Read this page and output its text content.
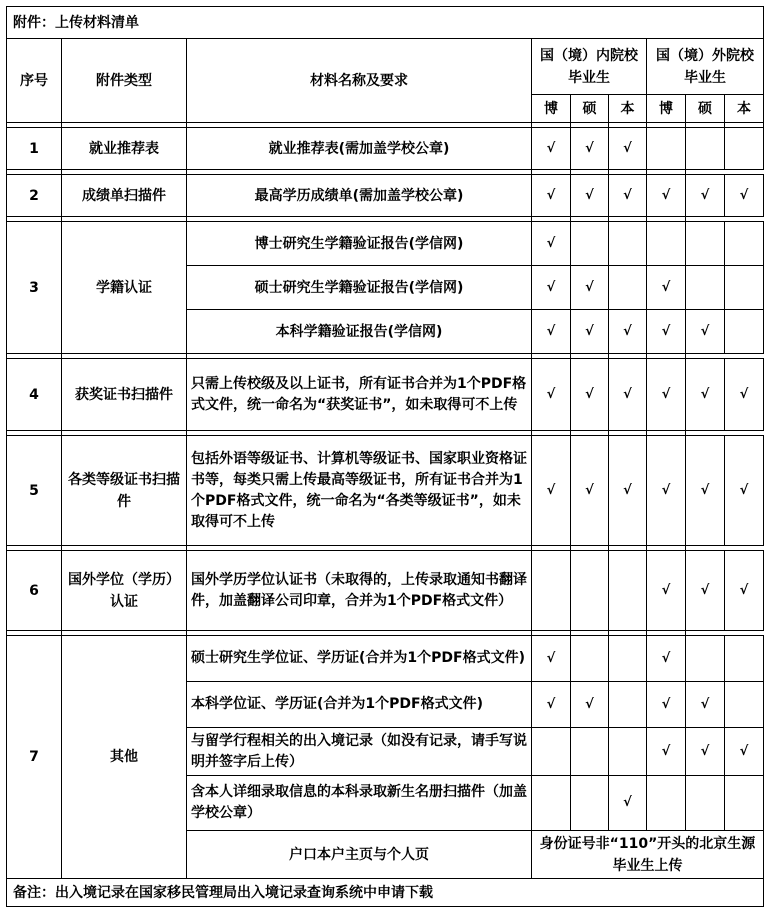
附件：上传材料清单								
序号	附件类型	材料名称及要求	国（境）内院校毕业生			国（境）外院校毕业生		
			博	硕	本	博	硕	本

1	就业推荐表	就业推荐表(需加盖学校公章)	√	√	√			

2	成绩单扫描件	最高学历成绩单(需加盖学校公章)	√	√	√	√	√	√

3	学籍认证	博士研究生学籍验证报告(学信网)	√					
		硕士研究生学籍验证报告(学信网)	√	√		√		
		本科学籍验证报告(学信网)	√	√	√	√	√	

4	获奖证书扫描件	只需上传校级及以上证书，所有证书合并为1个PDF格式文件，统一命名为“获奖证书”，如未取得可不上传	√	√	√	√	√	√

5	各类等级证书扫描件	包括外语等级证书、计算机等级证书、国家职业资格证书等，每类只需上传最高等级证书，所有证书合并为1个PDF格式文件，统一命名为“各类等级证书”，如未取得可不上传	√	√	√	√	√	√

6	国外学位（学历）认证	国外学历学位认证书（未取得的，上传录取通知书翻译件，加盖翻译公司印章，合并为1个PDF格式文件）				√	√	√

7	其他	硕士研究生学位证、学历证(合并为1个PDF格式文件)	√			√		
		本科学位证、学历证(合并为1个PDF格式文件)	√	√		√	√	
		与留学行程相关的出入境记录（如没有记录，请手写说明并签字后上传）				√	√	√
		含本人详细录取信息的本科录取新生名册扫描件（加盖学校公章）			√			
		户口本户主页与个人页	身份证号非“110”开头的北京生源毕业生上传					
备注：出入境记录在国家移民管理局出入境记录查询系统中申请下载								
